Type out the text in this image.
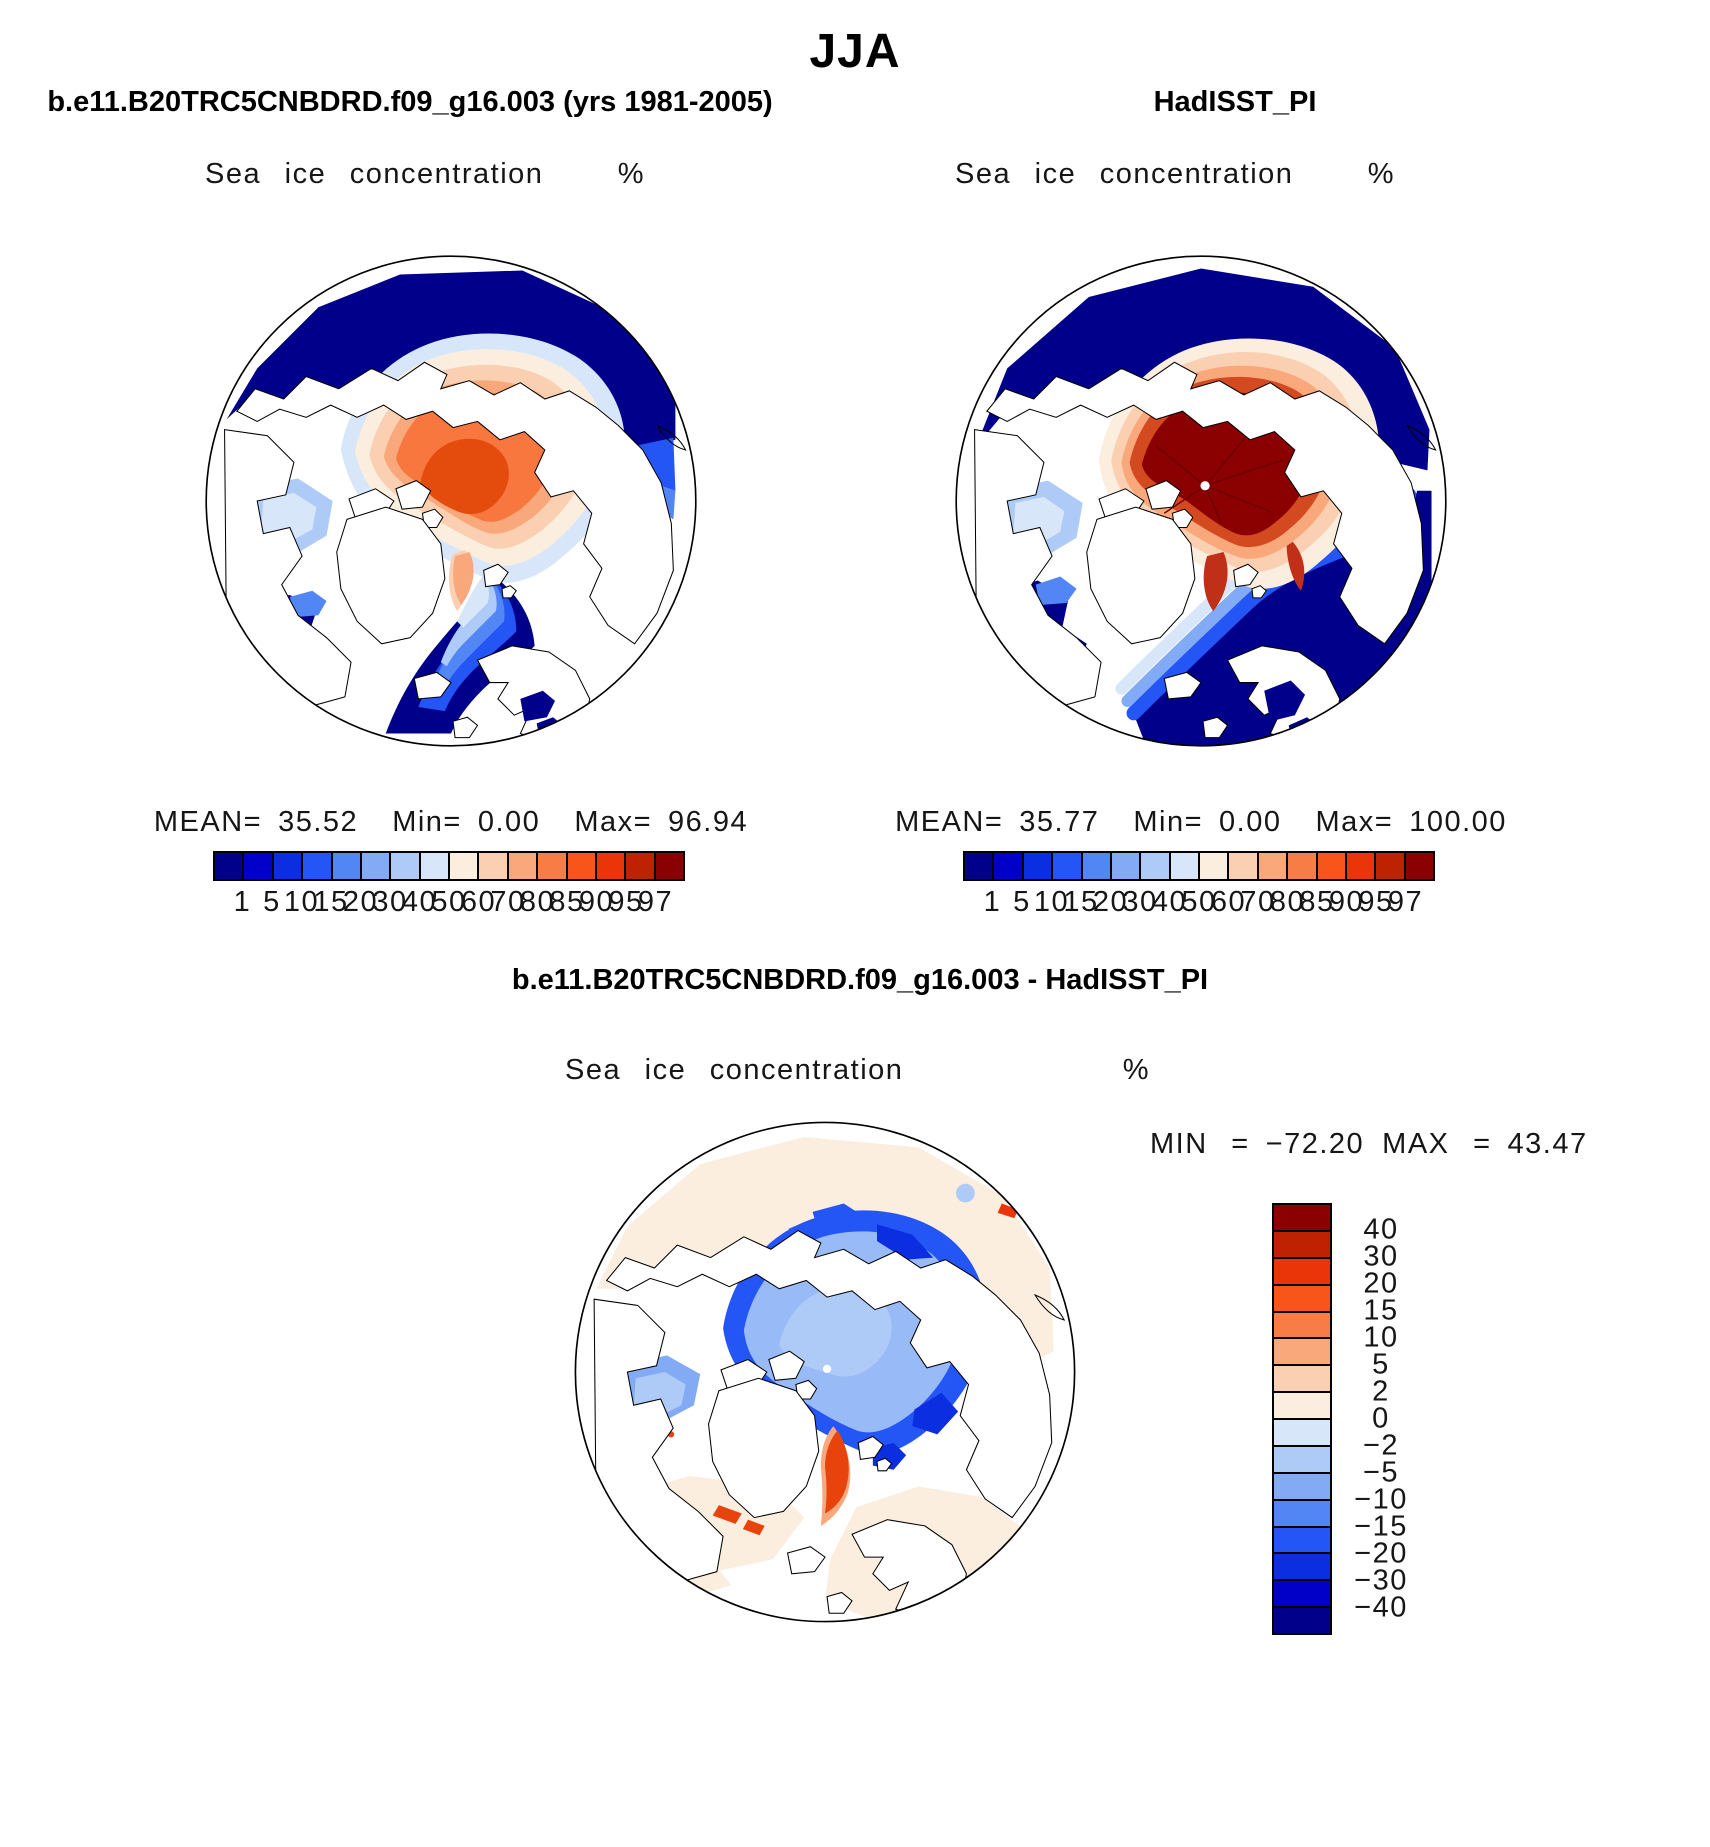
JJA
b.e11.B20TRC5CNBDRD.f09_g16.003 (yrs 1981-2005)	HadISST_PI
Sea ice concentration	%	Sea ice concentration	%
MEAN= 35.52 Min= 0.00 Max= 96.94	MEAN= 35.77 Min= 0.00 Max= 100.00
1 5 10
15
20
30
40
50
60
70
80
85
90
95
97	1 5 10
15
20
30
40
50
60
70
80
85
90
95
97
b.e11.B20TRC5CNBDRD.f09_g16.003 - HadISST_PI
Sea ice concentration	%
MIN = −72.20 MAX = 43.47
40
30
20
15
10
5
2
0
−2
−5
−10
−15
−20
−30
−40
